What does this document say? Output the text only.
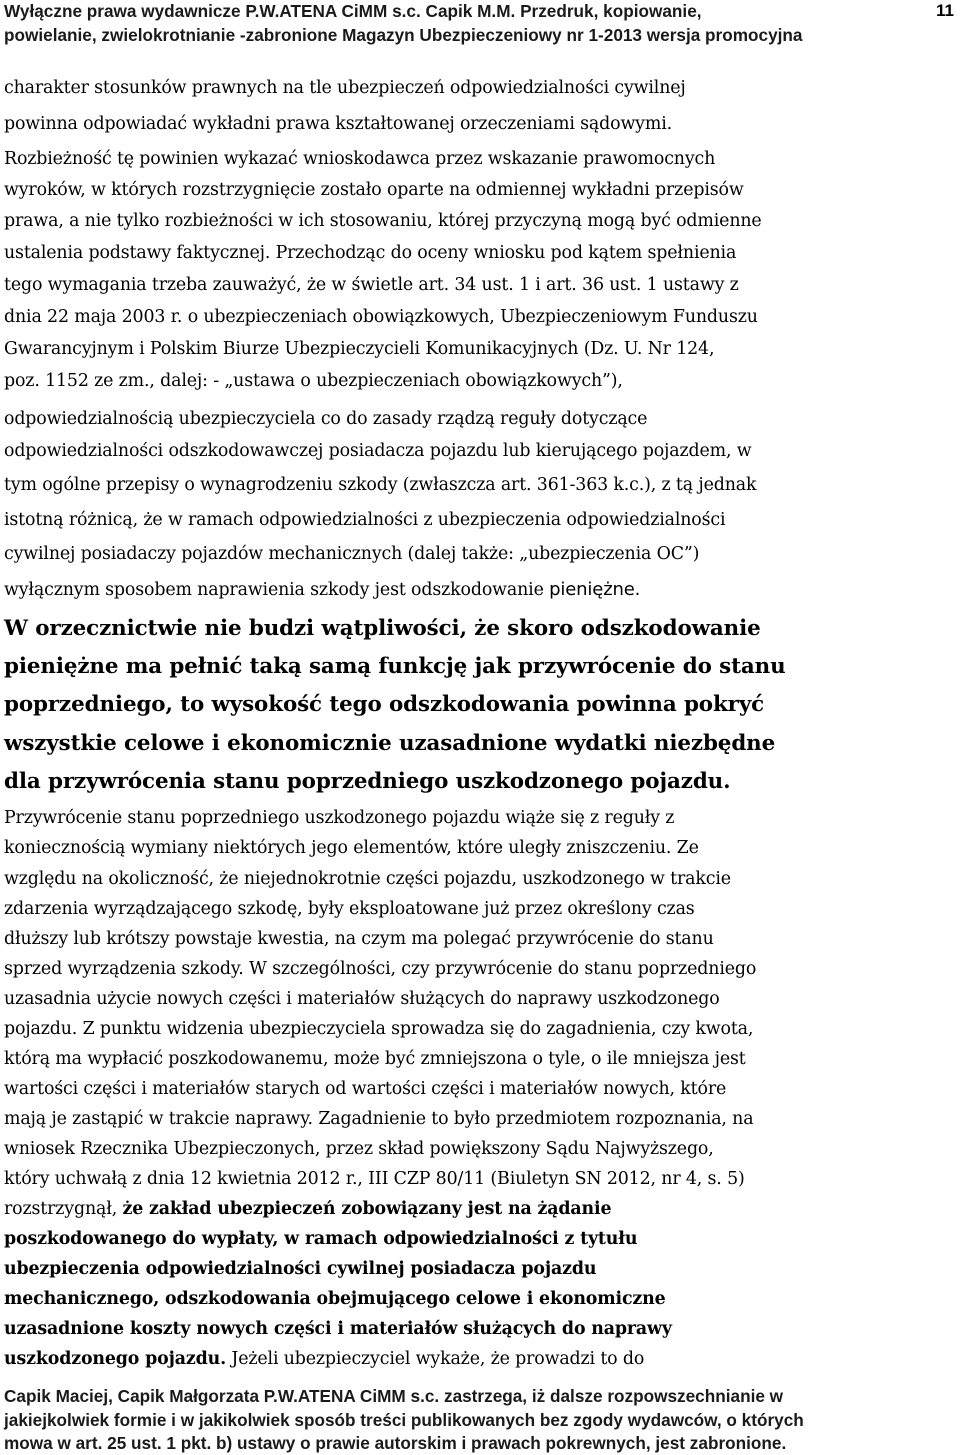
Wyłączne prawa wydawnicze P.W.ATENA CiMM s.c. Capik M.M. Przedruk, kopiowanie,	11
powielanie, zwielokrotnianie -zabronione Magazyn Ubezpieczeniowy nr 1-2013 wersja promocyjna
charakter stosunków prawnych na tle ubezpieczeń odpowiedzialności cywilnej
powinna odpowiadać wykładni prawa kształtowanej orzeczeniami sądowymi.
Rozbieżność tę powinien wykazać wnioskodawca przez wskazanie prawomocnych
wyroków, w których rozstrzygnięcie zostało oparte na odmiennej wykładni przepisów
prawa, a nie tylko rozbieżności w ich stosowaniu, której przyczyną mogą być odmienne
ustalenia podstawy faktycznej. Przechodząc do oceny wniosku pod kątem spełnienia
tego wymagania trzeba zauważyć, że w świetle art. 34 ust. 1 i art. 36 ust. 1 ustawy z
dnia 22 maja 2003 r. o ubezpieczeniach obowiązkowych, Ubezpieczeniowym Funduszu
Gwarancyjnym i Polskim Biurze Ubezpieczycieli Komunikacyjnych (Dz. U. Nr 124,
poz. 1152 ze zm., dalej: - „ustawa o ubezpieczeniach obowiązkowych”),
odpowiedzialnością ubezpieczyciela co do zasady rządzą reguły dotyczące
odpowiedzialności odszkodowawczej posiadacza pojazdu lub kierującego pojazdem, w
tym ogólne przepisy o wynagrodzeniu szkody (zwłaszcza art. 361-363 k.c.), z tą jednak
istotną różnicą, że w ramach odpowiedzialności z ubezpieczenia odpowiedzialności
cywilnej posiadaczy pojazdów mechanicznych (dalej także: „ubezpieczenia OC”)
wyłącznym sposobem naprawienia szkody jest odszkodowanie pieniężne.
W orzecznictwie nie budzi wątpliwości, że skoro odszkodowanie
pieniężne ma pełnić taką samą funkcję jak przywrócenie do stanu
poprzedniego, to wysokość tego odszkodowania powinna pokryć
wszystkie celowe i ekonomicznie uzasadnione wydatki niezbędne
dla przywrócenia stanu poprzedniego uszkodzonego pojazdu.
Przywrócenie stanu poprzedniego uszkodzonego pojazdu wiąże się z reguły z
koniecznością wymiany niektórych jego elementów, które uległy zniszczeniu. Ze
względu na okoliczność, że niejednokrotnie części pojazdu, uszkodzonego w trakcie
zdarzenia wyrządzającego szkodę, były eksploatowane już przez określony czas
dłuższy lub krótszy powstaje kwestia, na czym ma polegać przywrócenie do stanu
sprzed wyrządzenia szkody. W szczególności, czy przywrócenie do stanu poprzedniego
uzasadnia użycie nowych części i materiałów służących do naprawy uszkodzonego
pojazdu. Z punktu widzenia ubezpieczyciela sprowadza się do zagadnienia, czy kwota,
którą ma wypłacić poszkodowanemu, może być zmniejszona o tyle, o ile mniejsza jest
wartości części i materiałów starych od wartości części i materiałów nowych, które
mają je zastąpić w trakcie naprawy. Zagadnienie to było przedmiotem rozpoznania, na
wniosek Rzecznika Ubezpieczonych, przez skład powiększony Sądu Najwyższego,
który uchwałą z dnia 12 kwietnia 2012 r., III CZP 80/11 (Biuletyn SN 2012, nr 4, s. 5)
rozstrzygnął, że zakład ubezpieczeń zobowiązany jest na żądanie
poszkodowanego do wypłaty, w ramach odpowiedzialności z tytułu
ubezpieczenia odpowiedzialności cywilnej posiadacza pojazdu
mechanicznego, odszkodowania obejmującego celowe i ekonomiczne
uzasadnione koszty nowych części i materiałów służących do naprawy
uszkodzonego pojazdu. Jeżeli ubezpieczyciel wykaże, że prowadzi to do
Capik Maciej, Capik Małgorzata P.W.ATENA CiMM s.c. zastrzega, iż dalsze rozpowszechnianie w
jakiejkolwiek formie i w jakikolwiek sposób treści publikowanych bez zgody wydawców, o których
mowa w art. 25 ust. 1 pkt. b) ustawy o prawie autorskim i prawach pokrewnych, jest zabronione.
